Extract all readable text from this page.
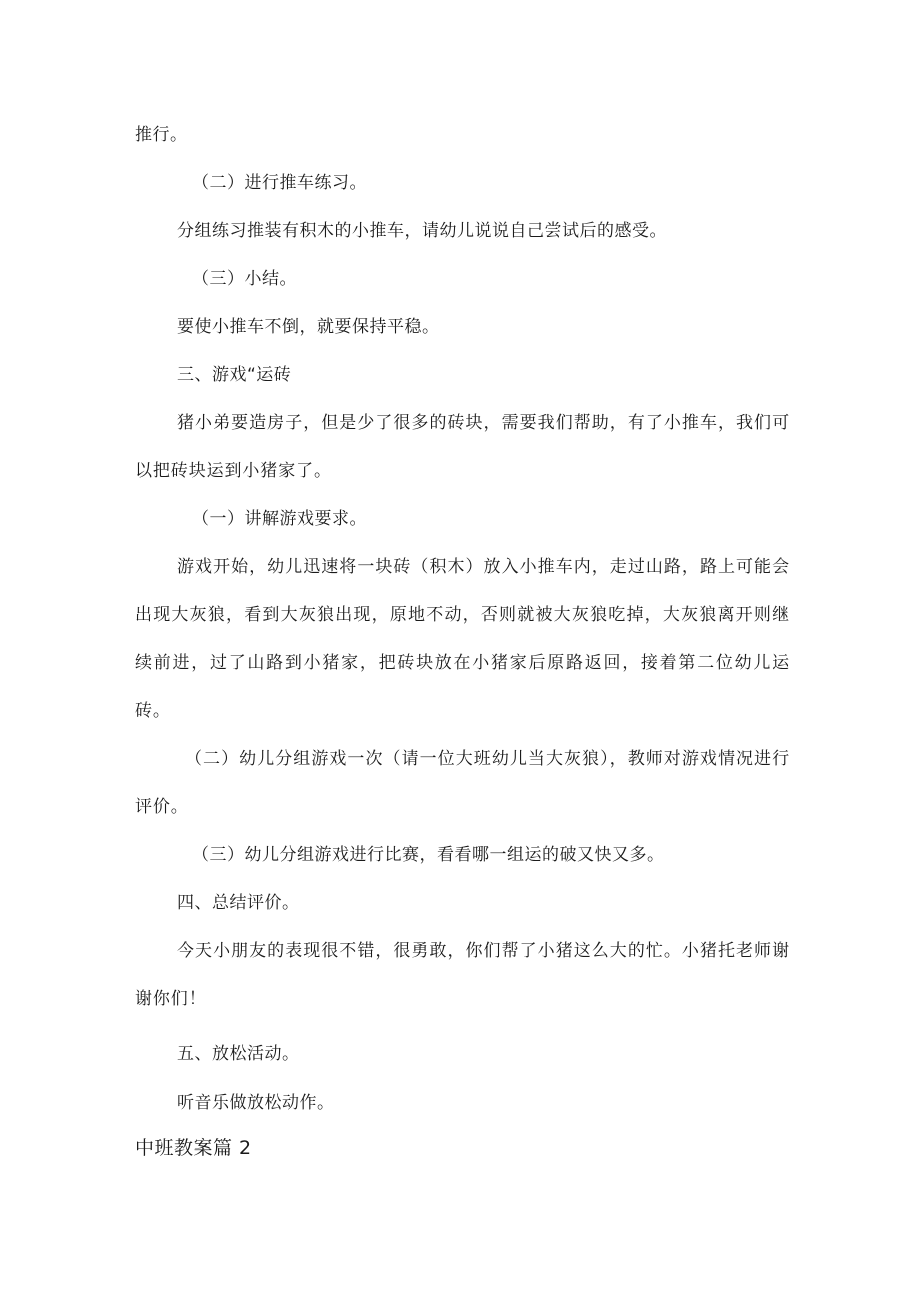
推行。
（二）进行推车练习。
分组练习推装有积木的小推车，请幼儿说说自己尝试后的感受。
（三）小结。
要使小推车不倒，就要保持平稳。
三、游戏“运砖
猪小弟要造房子，但是少了很多的砖块，需要我们帮助，有了小推车，我们可以把砖块运到小猪家了。
（一）讲解游戏要求。
游戏开始，幼儿迅速将一块砖（积木）放入小推车内，走过山路，路上可能会出现大灰狼，看到大灰狼出现，原地不动，否则就被大灰狼吃掉，大灰狼离开则继续前进，过了山路到小猪家，把砖块放在小猪家后原路返回，接着第二位幼儿运砖。
（二）幼儿分组游戏一次（请一位大班幼儿当大灰狼），教师对游戏情况进行评价。
（三）幼儿分组游戏进行比赛，看看哪一组运的破又快又多。
四、总结评价。
今天小朋友的表现很不错，很勇敢，你们帮了小猪这么大的忙。小猪托老师谢谢你们！
五、放松活动。
听音乐做放松动作。
中班教案篇 2
